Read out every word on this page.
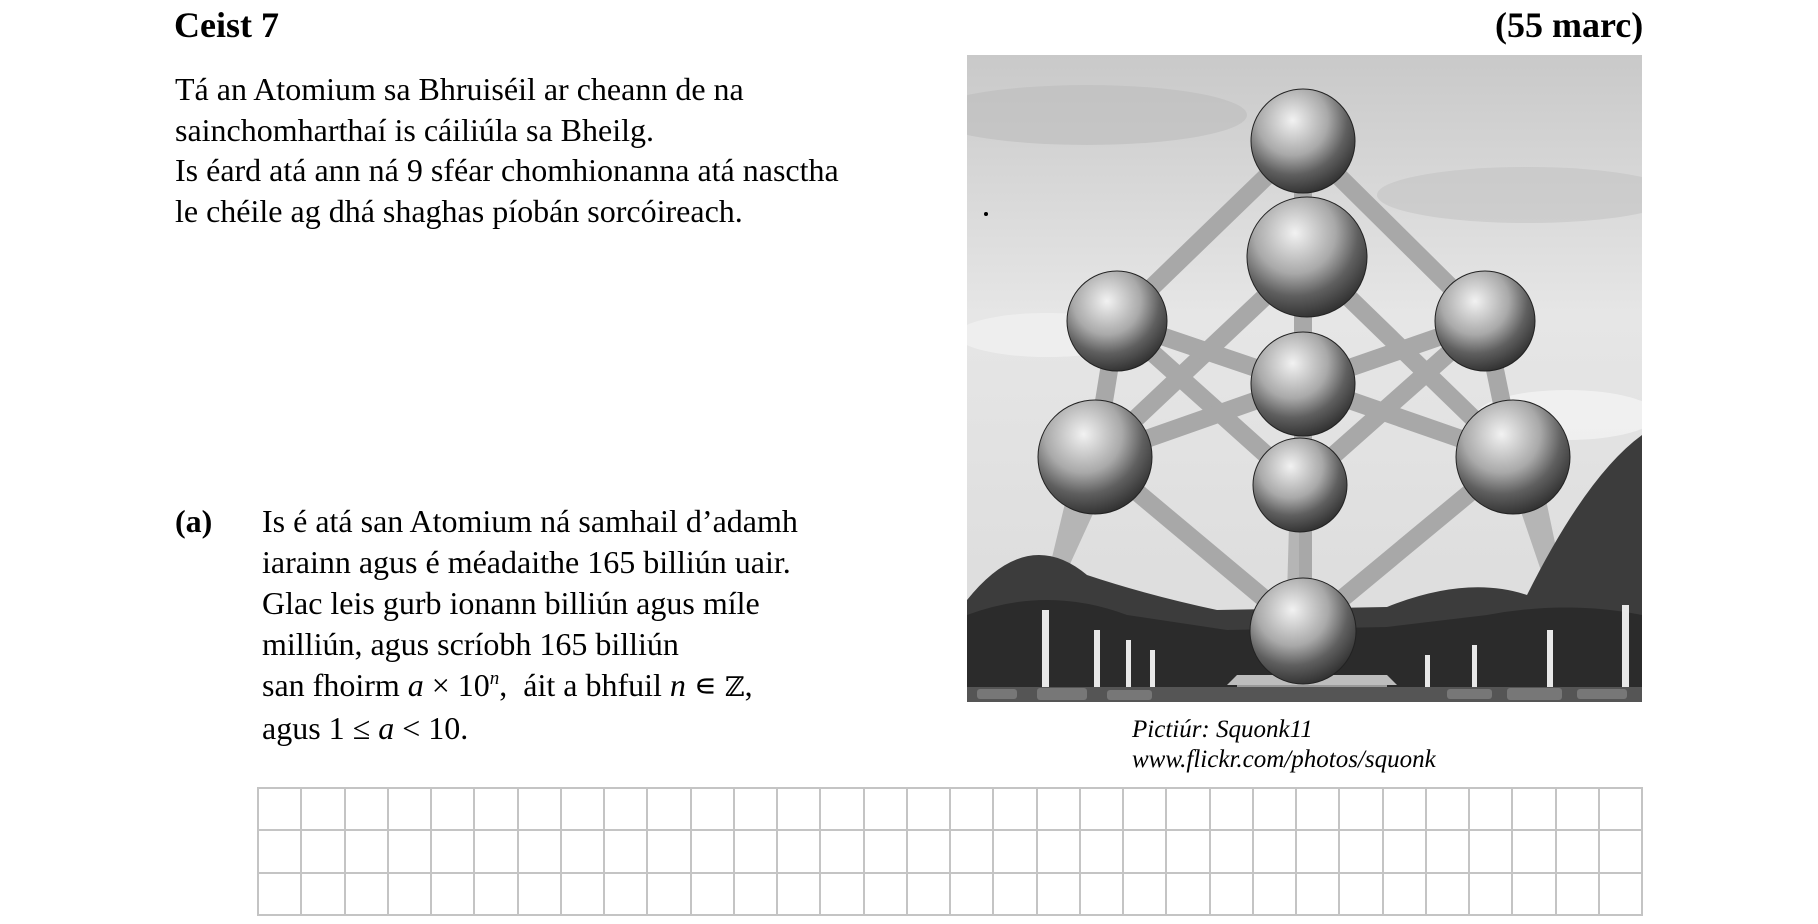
Ceist 7	(55 marc)
Tá an Atomium sa Bhruiséil ar cheann de na
sainchomharthaí is cáiliúla sa Bheilg.
Is éard atá ann ná 9 sféar chomhionanna atá nasctha
le chéile ag dhá shaghas píobán sorcóireach.
(a) Is é atá san Atomium ná samhail d’adamh
iarainn agus é méadaithe 165 billiún uair.
Glac leis gurb ionann billiún agus míle
milliún, agus scríobh 165 billiún
san fhoirm $a \times 10^n$,  áit a bhfuil n ∊ ℤ,
agus 1 ≤ a < 10.	Pictiúr: Squonk11
www.flickr.com/photos/squonk
